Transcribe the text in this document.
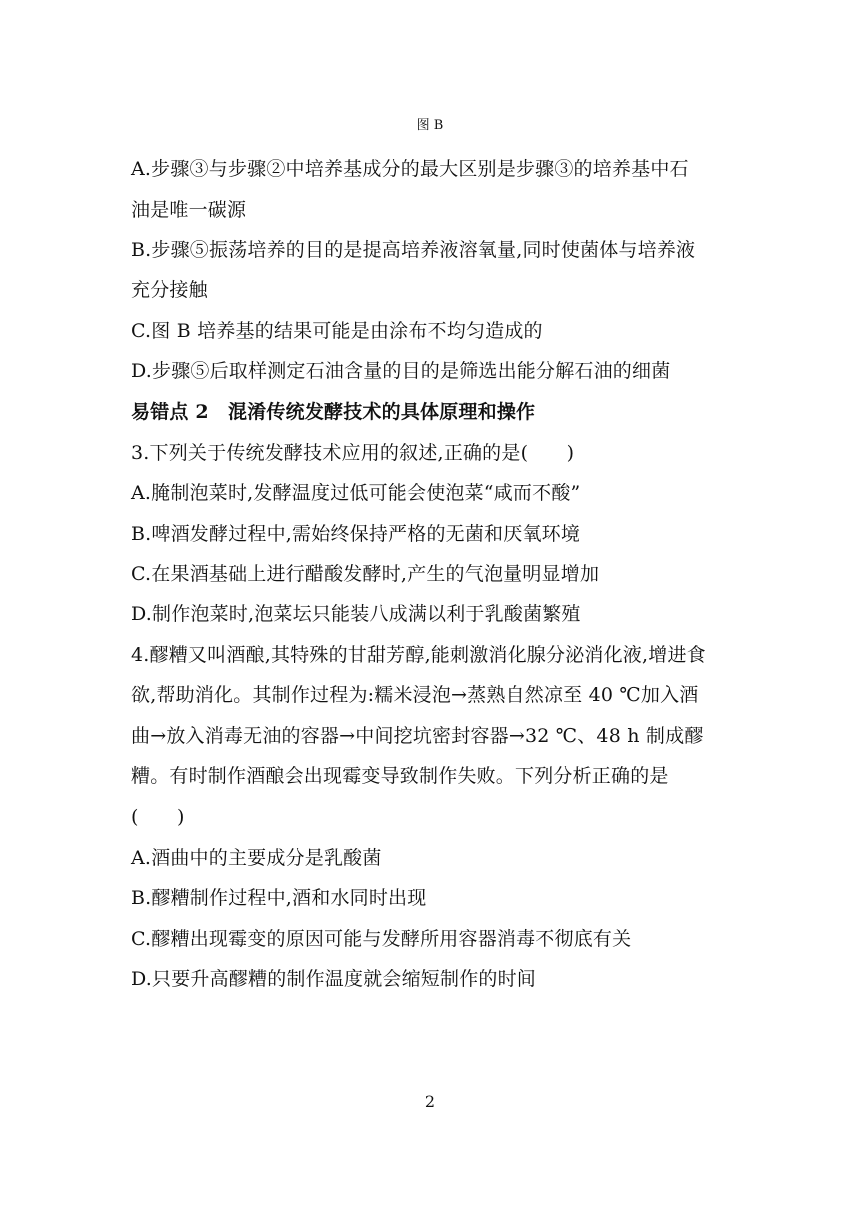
图 B
A.步骤③与步骤②中培养基成分的最大区别是步骤③的培养基中石
油是唯一碳源
B.步骤⑤振荡培养的目的是提高培养液溶氧量,同时使菌体与培养液
充分接触
C.图 B 培养基的结果可能是由涂布不均匀造成的
D.步骤⑤后取样测定石油含量的目的是筛选出能分解石油的细菌
易错点 2　混淆传统发酵技术的具体原理和操作
3.下列关于传统发酵技术应用的叙述,正确的是(　　)
A.腌制泡菜时,发酵温度过低可能会使泡菜“咸而不酸”
B.啤酒发酵过程中,需始终保持严格的无菌和厌氧环境
C.在果酒基础上进行醋酸发酵时,产生的气泡量明显增加
D.制作泡菜时,泡菜坛只能装八成满以利于乳酸菌繁殖
4.醪糟又叫酒酿,其特殊的甘甜芳醇,能刺激消化腺分泌消化液,增进食
欲,帮助消化。其制作过程为:糯米浸泡→蒸熟自然凉至 40 ℃加入酒
曲→放入消毒无油的容器→中间挖坑密封容器→32 ℃、48 h 制成醪
糟。有时制作酒酿会出现霉变导致制作失败。下列分析正确的是
(　　)
A.酒曲中的主要成分是乳酸菌
B.醪糟制作过程中,酒和水同时出现
C.醪糟出现霉变的原因可能与发酵所用容器消毒不彻底有关
D.只要升高醪糟的制作温度就会缩短制作的时间
2
